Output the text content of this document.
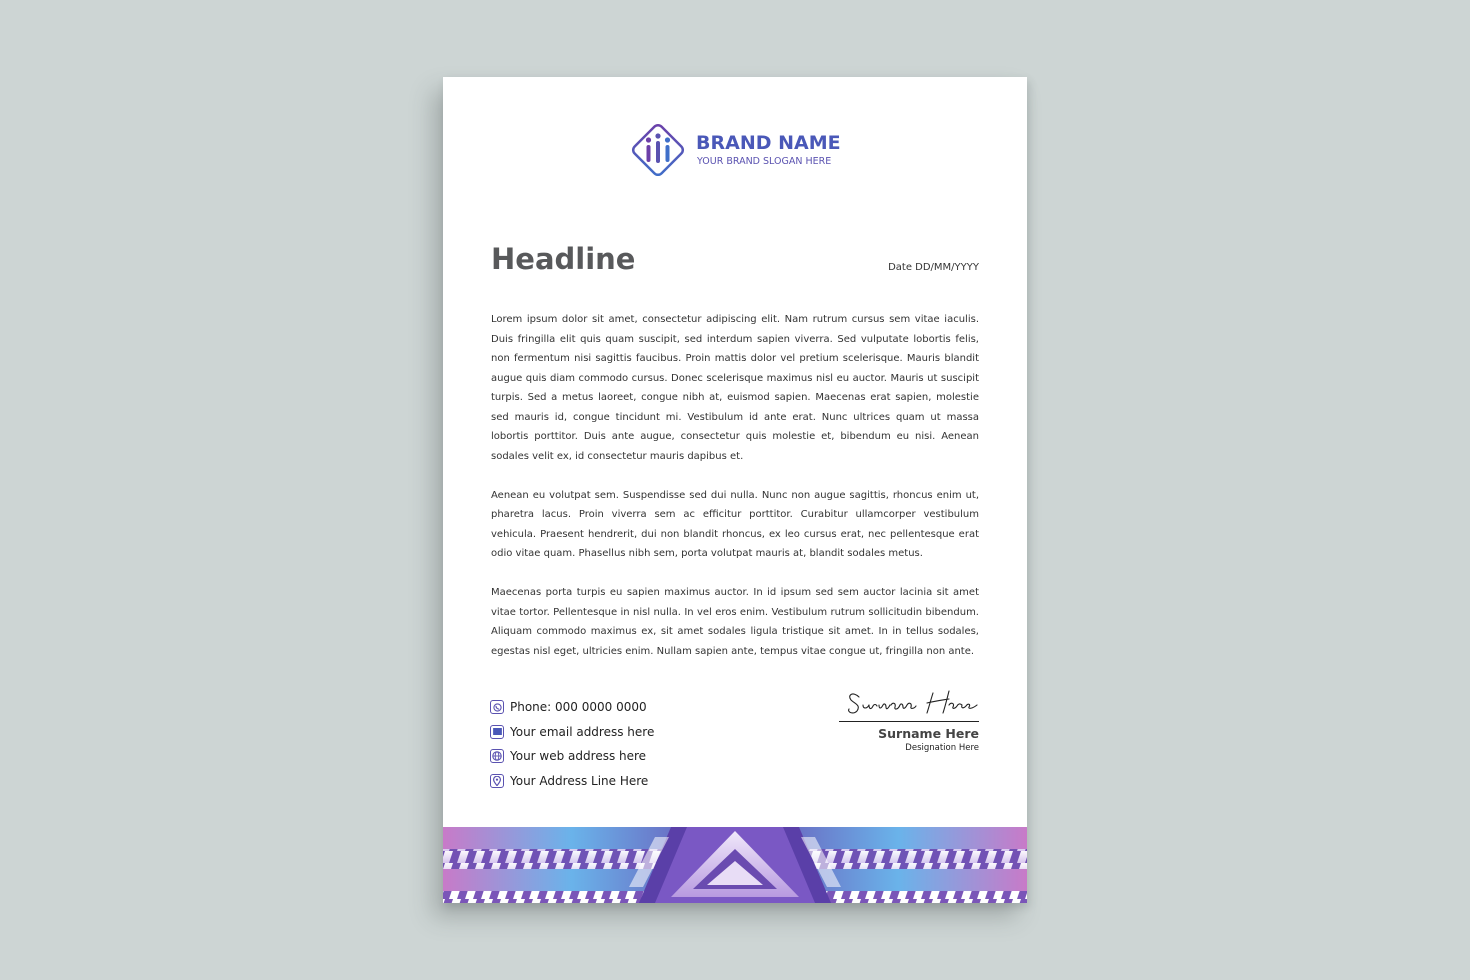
BRAND NAME
YOUR BRAND SLOGAN HERE
Headline	Date DD/MM/YYYY

Lorem ipsum dolor sit amet, consectetur adipiscing elit. Nam rutrum cursus sem vitae iaculis. Duis fringilla elit quis quam suscipit, sed interdum sapien viverra. Sed vulputate lobortis felis, non fermentum nisi sagittis faucibus. Proin mattis dolor vel pretium scelerisque. Mauris blandit augue quis diam commodo cursus. Donec scelerisque maximus nisl eu auctor. Mauris ut suscipit turpis. Sed a metus laoreet, congue nibh at, euismod sapien. Maecenas erat sapien, molestie sed mauris id, congue tincidunt mi. Vestibulum id ante erat. Nunc ultrices quam ut massa lobortis porttitor. Duis ante augue, consectetur quis molestie et, bibendum eu nisi. Aenean sodales velit ex, id consectetur mauris dapibus et.

Aenean eu volutpat sem. Suspendisse sed dui nulla. Nunc non augue sagittis, rhoncus enim ut, pharetra lacus. Proin viverra sem ac efficitur porttitor. Curabitur ullamcorper vestibulum vehicula. Praesent hendrerit, dui non blandit rhoncus, ex leo cursus erat, nec pellentesque erat odio vitae quam. Phasellus nibh sem, porta volutpat mauris at, blandit sodales metus.

Maecenas porta turpis eu sapien maximus auctor. In id ipsum sed sem auctor lacinia sit amet vitae tortor. Pellentesque in nisl nulla. In vel eros enim. Vestibulum rutrum sollicitudin bibendum. Aliquam commodo maximus ex, sit amet sodales ligula tristique sit amet. In in tellus sodales, egestas nisl eget, ultricies enim. Nullam sapien ante, tempus vitae congue ut, fringilla non ante.

Phone: 000 0000 0000
Your email address here
Your web address here
Your Address Line Here
Surname Here
Designation Here
